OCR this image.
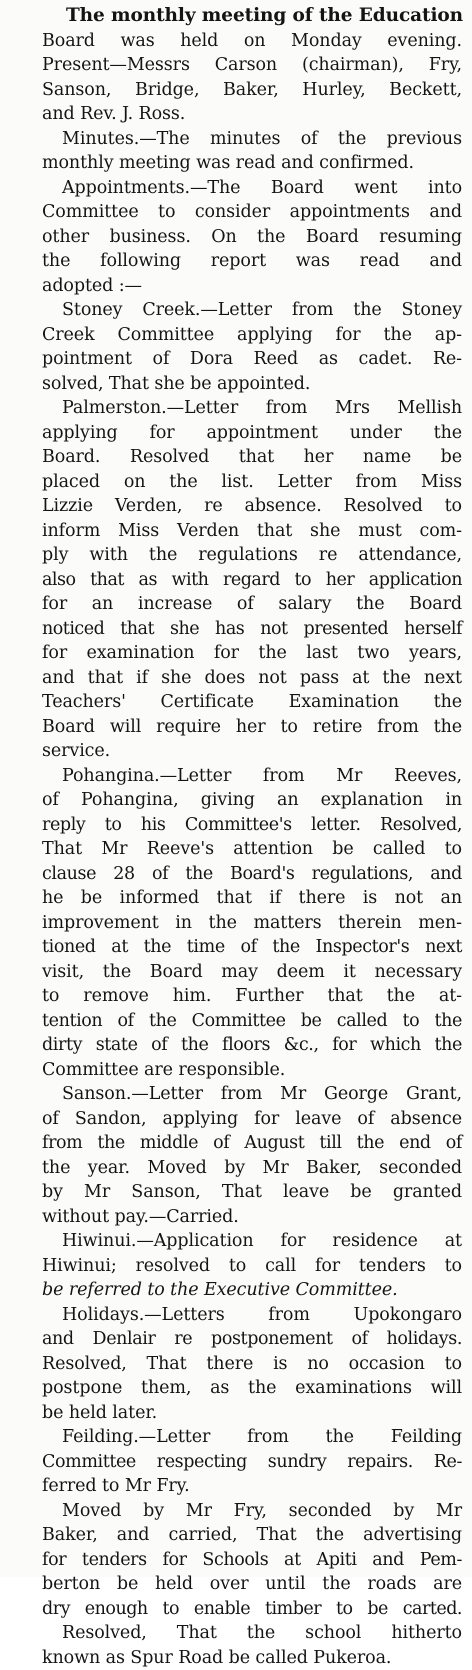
The monthly meeting of the Education
Board was held on Monday evening.
Present—Messrs Carson (chairman), Fry,
Sanson, Bridge, Baker, Hurley, Beckett,
and Rev. J. Ross.
Minutes.—The minutes of the previous
monthly meeting was read and confirmed.
Appointments.—The Board went into
Committee to consider appointments and
other business. On the Board resuming
the following report was read and
adopted :—
Stoney Creek.—Letter from the Stoney
Creek Committee applying for the ap-
pointment of Dora Reed as cadet. Re-
solved, That she be appointed.
Palmerston.—Letter from Mrs Mellish
applying for appointment under the
Board. Resolved that her name be
placed on the list. Letter from Miss
Lizzie Verden, re absence. Resolved to
inform Miss Verden that she must com-
ply with the regulations re attendance,
also that as with regard to her application
for an increase of salary the Board
noticed that she has not presented herself
for examination for the last two years,
and that if she does not pass at the next
Teachers' Certificate Examination the
Board will require her to retire from the
service.
Pohangina.—Letter from Mr Reeves,
of Pohangina, giving an explanation in
reply to his Committee's letter. Resolved,
That Mr Reeve's attention be called to
clause 28 of the Board's regulations, and
he be informed that if there is not an
improvement in the matters therein men-
tioned at the time of the Inspector's next
visit, the Board may deem it necessary
to remove him. Further that the at-
tention of the Committee be called to the
dirty state of the floors &c., for which the
Committee are responsible.
Sanson.—Letter from Mr George Grant,
of Sandon, applying for leave of absence
from the middle of August till the end of
the year. Moved by Mr Baker, seconded
by Mr Sanson, That leave be granted
without pay.—Carried.
Hiwinui.—Application for residence at
Hiwinui; resolved to call for tenders to
be referred to the Executive Committee.
Holidays.—Letters from Upokongaro
and Denlair re postponement of holidays.
Resolved, That there is no occasion to
postpone them, as the examinations will
be held later.
Feilding.—Letter from the Feilding
Committee respecting sundry repairs. Re-
ferred to Mr Fry.
Moved by Mr Fry, seconded by Mr
Baker, and carried, That the advertising
for tenders for Schools at Apiti and Pem-
berton be held over until the roads are
dry enough to enable timber to be carted.
Resolved, That the school hitherto
known as Spur Road be called Pukeroa.
